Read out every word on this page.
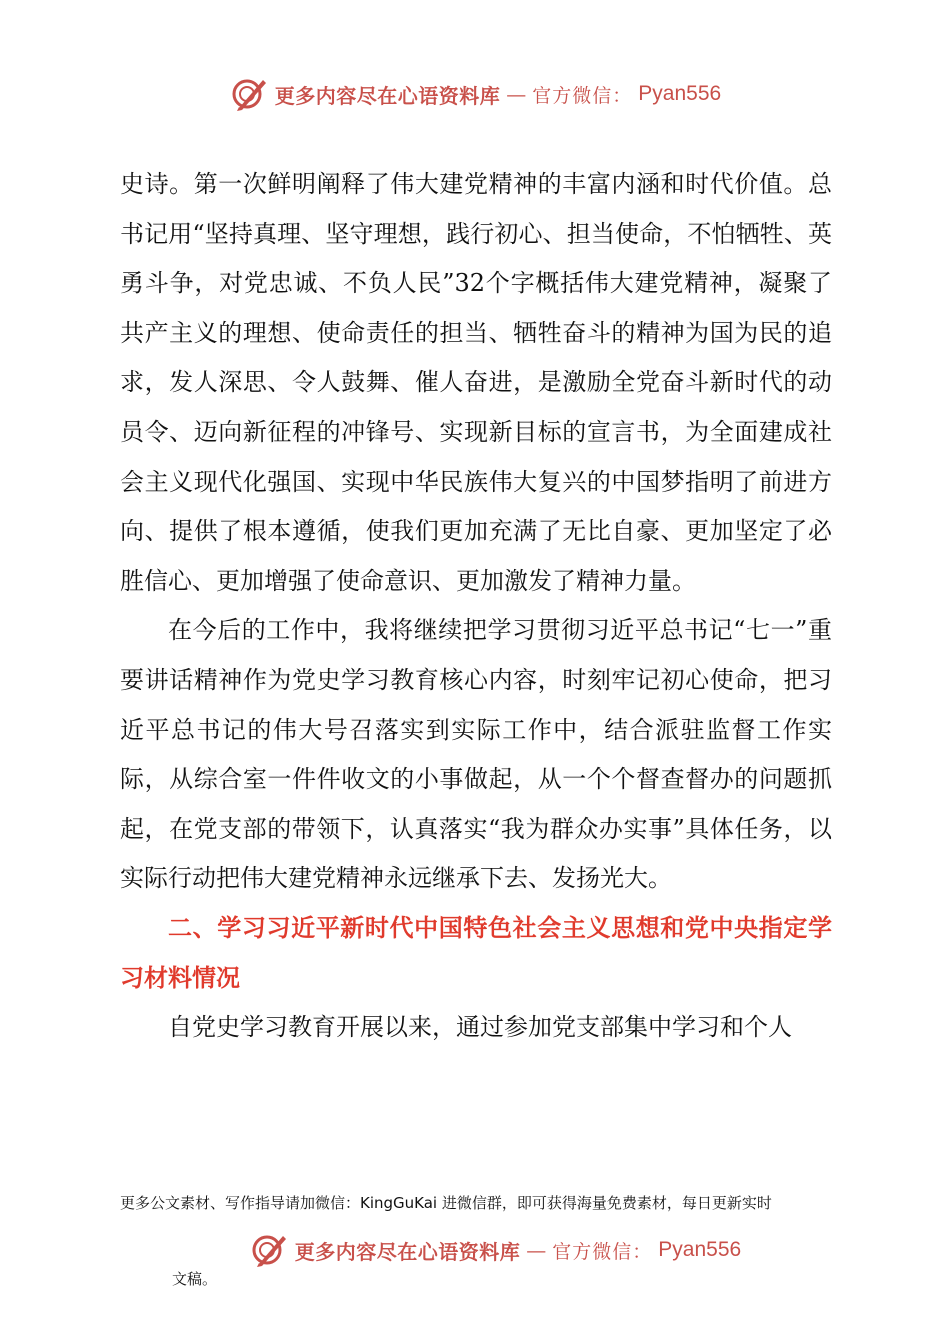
更多内容尽在心语资料库 — 官方微信： Pyan556

史诗。第一次鲜明阐释了伟大建党精神的丰富内涵和时代价值。总书记用“坚持真理、坚守理想，践行初心、担当使命，不怕牺牲、英勇斗争，对党忠诚、不负人民”32个字概括伟大建党精神，凝聚了共产主义的理想、使命责任的担当、牺牲奋斗的精神为国为民的追求，发人深思、令人鼓舞、催人奋进，是激励全党奋斗新时代的动员令、迈向新征程的冲锋号、实现新目标的宣言书，为全面建成社会主义现代化强国、实现中华民族伟大复兴的中国梦指明了前进方向、提供了根本遵循，使我们更加充满了无比自豪、更加坚定了必胜信心、更加增强了使命意识、更加激发了精神力量。

在今后的工作中，我将继续把学习贯彻习近平总书记“七一”重要讲话精神作为党史学习教育核心内容，时刻牢记初心使命，把习近平总书记的伟大号召落实到实际工作中，结合派驻监督工作实际，从综合室一件件收文的小事做起，从一个个督查督办的问题抓起，在党支部的带领下，认真落实“我为群众办实事”具体任务，以实际行动把伟大建党精神永远继承下去、发扬光大。

二、学习习近平新时代中国特色社会主义思想和党中央指定学习材料情况

自党史学习教育开展以来，通过参加党支部集中学习和个人

更多公文素材、写作指导请加微信：KingGuKai 进微信群，即可获得海量免费素材，每日更新实时
更多内容尽在心语资料库 — 官方微信： Pyan556
文稿。
